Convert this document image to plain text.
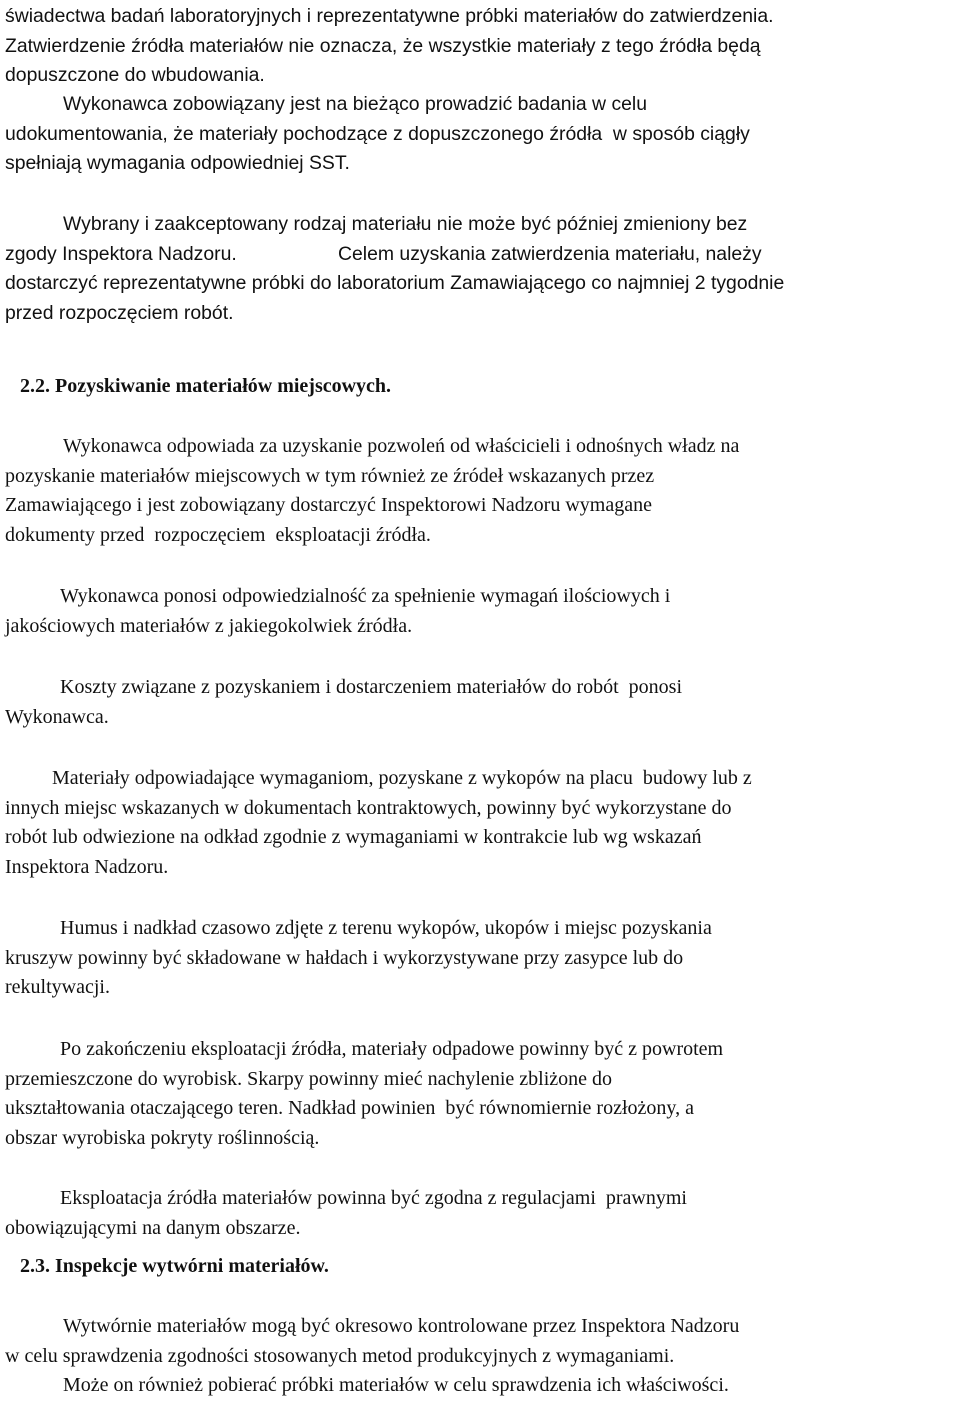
świadectwa badań laboratoryjnych i reprezentatywne próbki materiałów do zatwierdzenia.
Zatwierdzenie źródła materiałów nie oznacza, że wszystkie materiały z tego źródła będą
dopuszczone do wbudowania.
Wykonawca zobowiązany jest na bieżąco prowadzić badania w celu
udokumentowania, że materiały pochodzące z dopuszczonego źródła  w sposób ciągły
spełniają wymagania odpowiedniej SST.
Wybrany i zaakceptowany rodzaj materiału nie może być później zmieniony bez
zgody Inspektora Nadzoru.	Celem uzyskania zatwierdzenia materiału, należy
dostarczyć reprezentatywne próbki do laboratorium Zamawiającego co najmniej 2 tygodnie
przed rozpoczęciem robót.
2.2. Pozyskiwanie materiałów miejscowych.
Wykonawca odpowiada za uzyskanie pozwoleń od właścicieli i odnośnych władz na
pozyskanie materiałów miejscowych w tym również ze źródeł wskazanych przez
Zamawiającego i jest zobowiązany dostarczyć Inspektorowi Nadzoru wymagane
dokumenty przed  rozpoczęciem  eksploatacji źródła.
Wykonawca ponosi odpowiedzialność za spełnienie wymagań ilościowych i
jakościowych materiałów z jakiegokolwiek źródła.
Koszty związane z pozyskaniem i dostarczeniem materiałów do robót  ponosi
Wykonawca.
Materiały odpowiadające wymaganiom, pozyskane z wykopów na placu  budowy lub z
innych miejsc wskazanych w dokumentach kontraktowych, powinny być wykorzystane do
robót lub odwiezione na odkład zgodnie z wymaganiami w kontrakcie lub wg wskazań
Inspektora Nadzoru.
Humus i nadkład czasowo zdjęte z terenu wykopów, ukopów i miejsc pozyskania
kruszyw powinny być składowane w hałdach i wykorzystywane przy zasypce lub do
rekultywacji.
Po zakończeniu eksploatacji źródła, materiały odpadowe powinny być z powrotem
przemieszczone do wyrobisk. Skarpy powinny mieć nachylenie zbliżone do
ukształtowania otaczającego teren. Nadkład powinien  być równomiernie rozłożony, a
obszar wyrobiska pokryty roślinnością.
Eksploatacja źródła materiałów powinna być zgodna z regulacjami  prawnymi
obowiązującymi na danym obszarze.
2.3. Inspekcje wytwórni materiałów.
Wytwórnie materiałów mogą być okresowo kontrolowane przez Inspektora Nadzoru
w celu sprawdzenia zgodności stosowanych metod produkcyjnych z wymaganiami.
Może on również pobierać próbki materiałów w celu sprawdzenia ich właściwości.
